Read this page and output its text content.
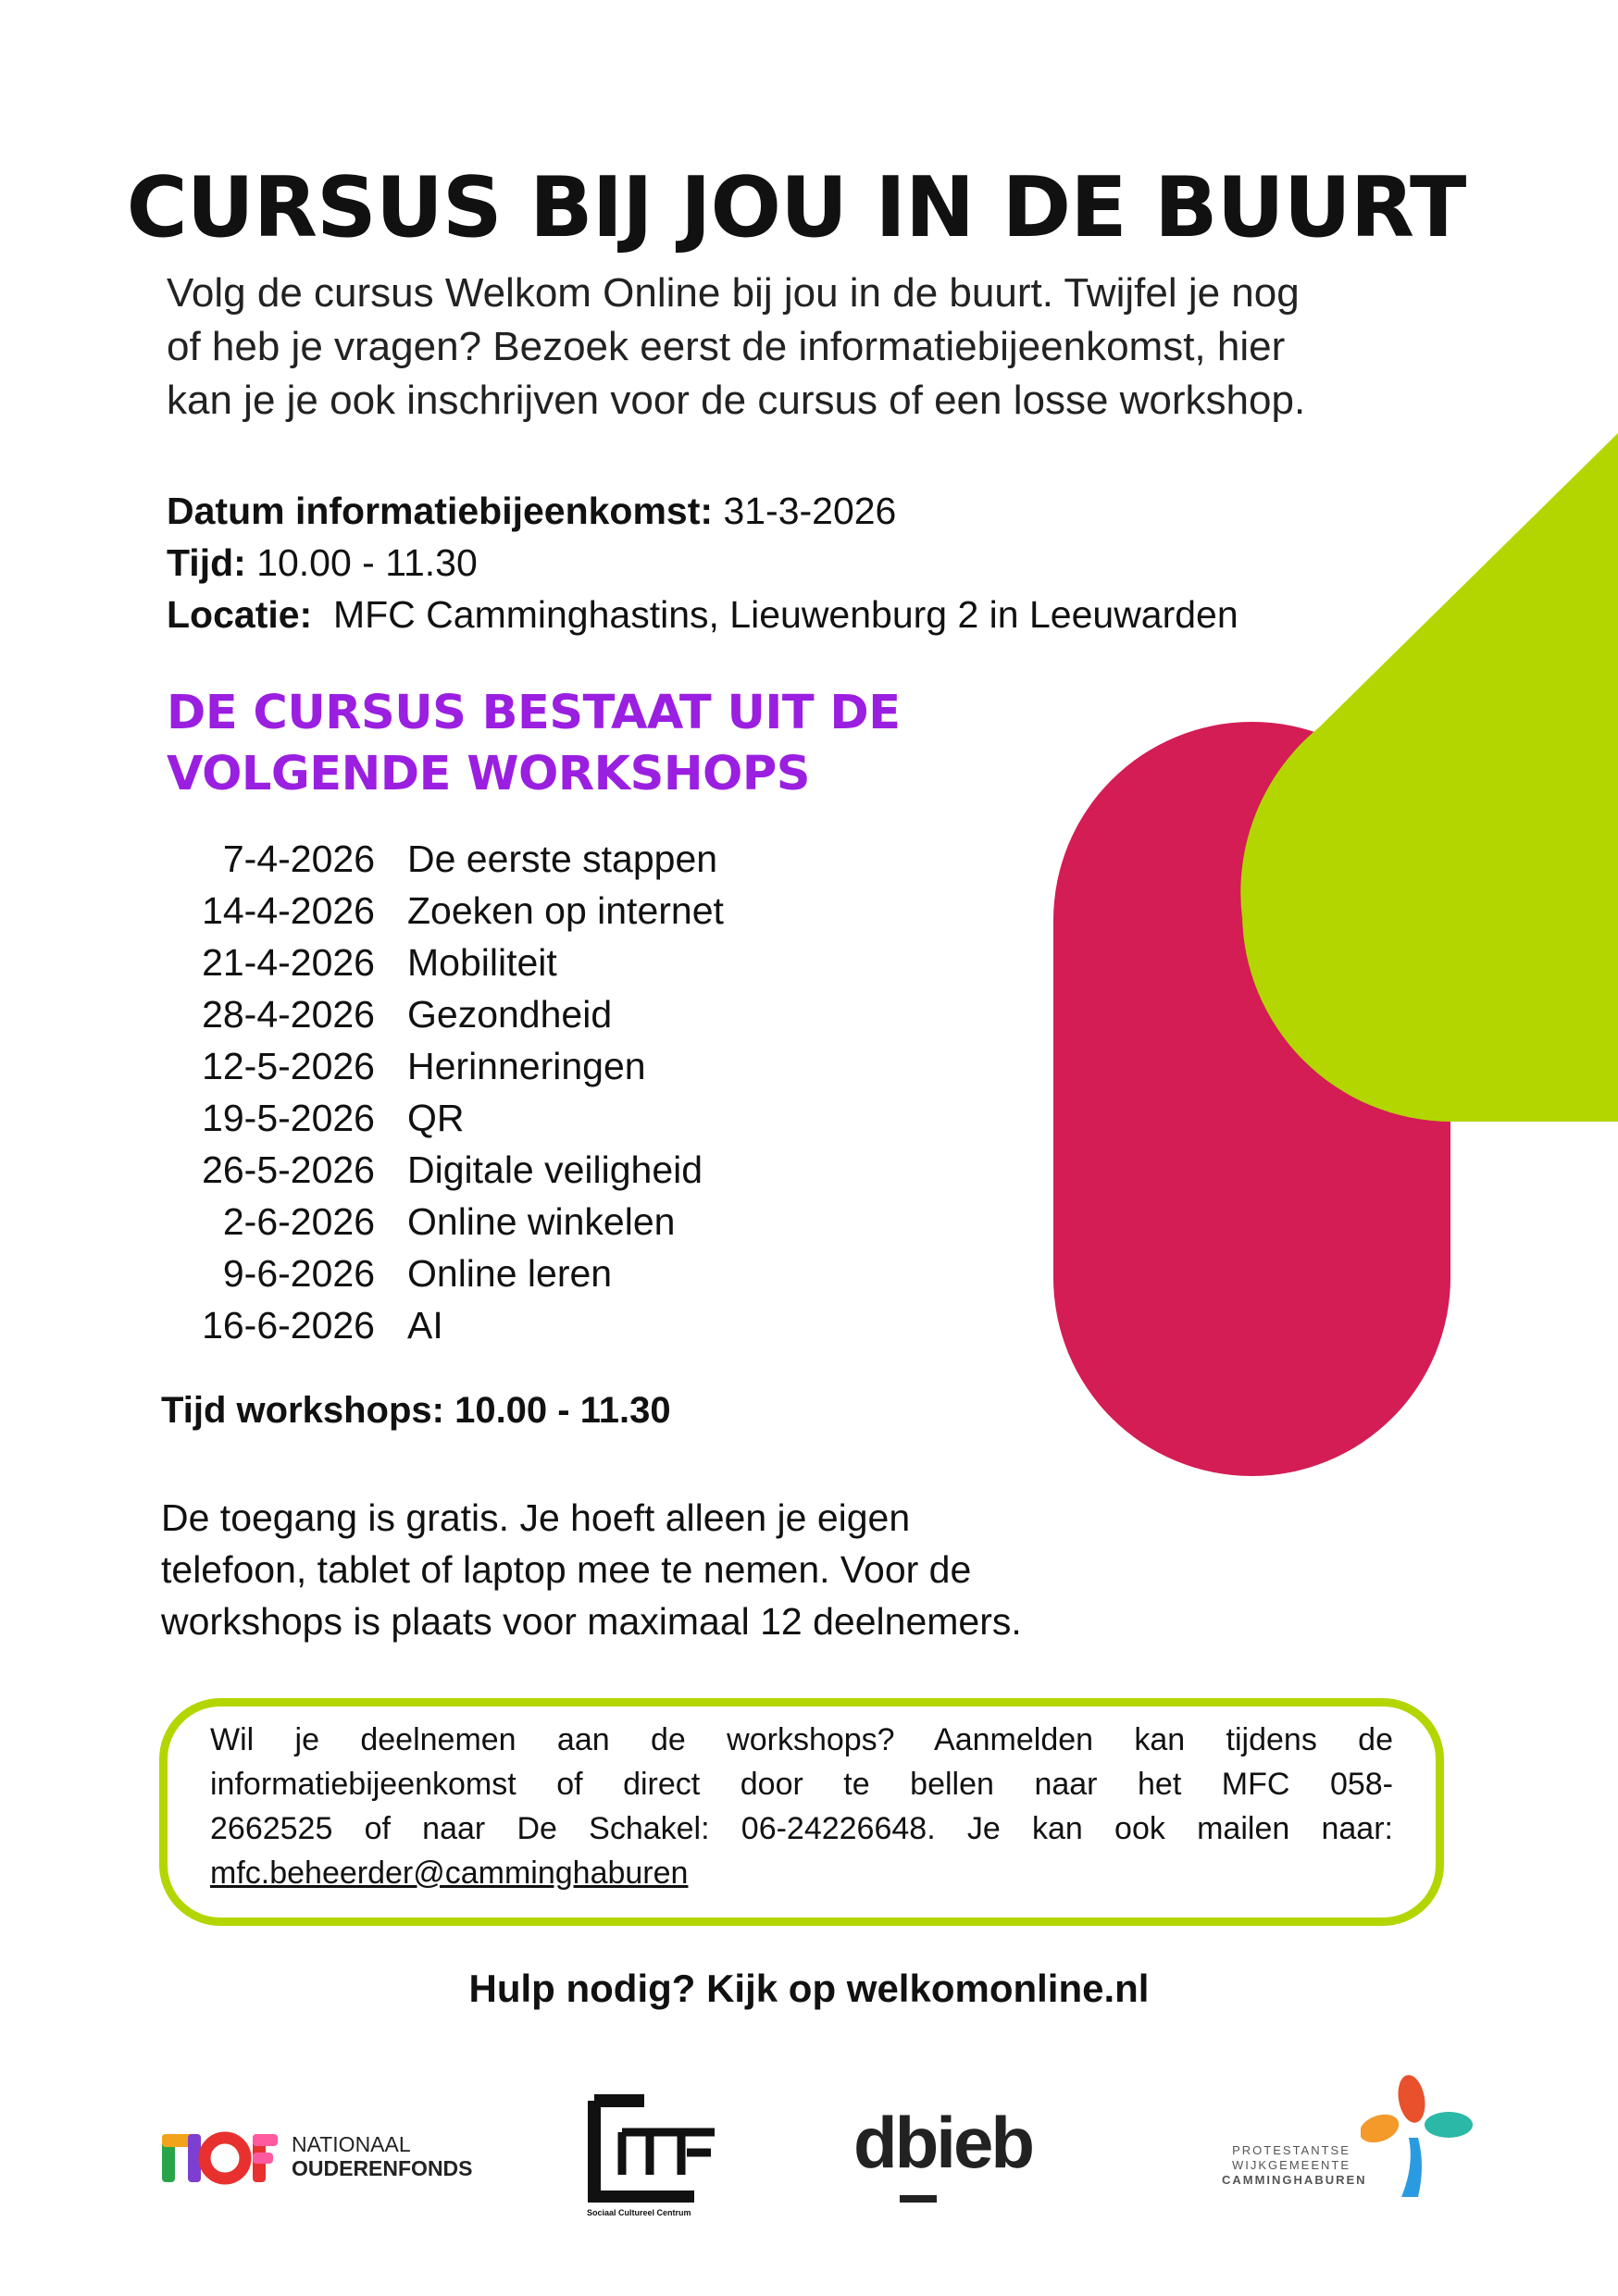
CURSUS BIJ JOU IN DE BUURT
Volg de cursus Welkom Online bij jou in de buurt. Twijfel je nog
of heb je vragen? Bezoek eerst de informatiebijeenkomst, hier
kan je je ook inschrijven voor de cursus of een losse workshop.
Datum informatiebijeenkomst: 31-3-2026
Tijd: 10.00 - 11.30
Locatie:  MFC Camminghastins, Lieuwenburg 2 in Leeuwarden
DE CURSUS BESTAAT UIT DE
VOLGENDE WORKSHOPS
7-4-2026 De eerste stappen
14-4-2026 Zoeken op internet
21-4-2026 Mobiliteit
28-4-2026 Gezondheid
12-5-2026 Herinneringen
19-5-2026 QR
26-5-2026 Digitale veiligheid
2-6-2026 Online winkelen
9-6-2026 Online leren
16-6-2026 AI
Tijd workshops: 10.00 - 11.30
De toegang is gratis. Je hoeft alleen je eigen
telefoon, tablet of laptop mee te nemen. Voor de
workshops is plaats voor maximaal 12 deelnemers.
Wil je deelnemen aan de workshops? Aanmelden kan tijdens de
informatiebijeenkomst of direct door te bellen naar het MFC 058-
2662525 of naar De Schakel: 06-24226648. Je kan ook mailen naar:
mfc.beheerder@camminghaburen
Hulp nodig? Kijk op welkomonline.nl
NATIONAAL
OUDERENFONDS
Sociaal Cultureel Centrum
dbieb	PROTESTANTSE
WIJKGEMEENTE
CAMMINGHABUREN
